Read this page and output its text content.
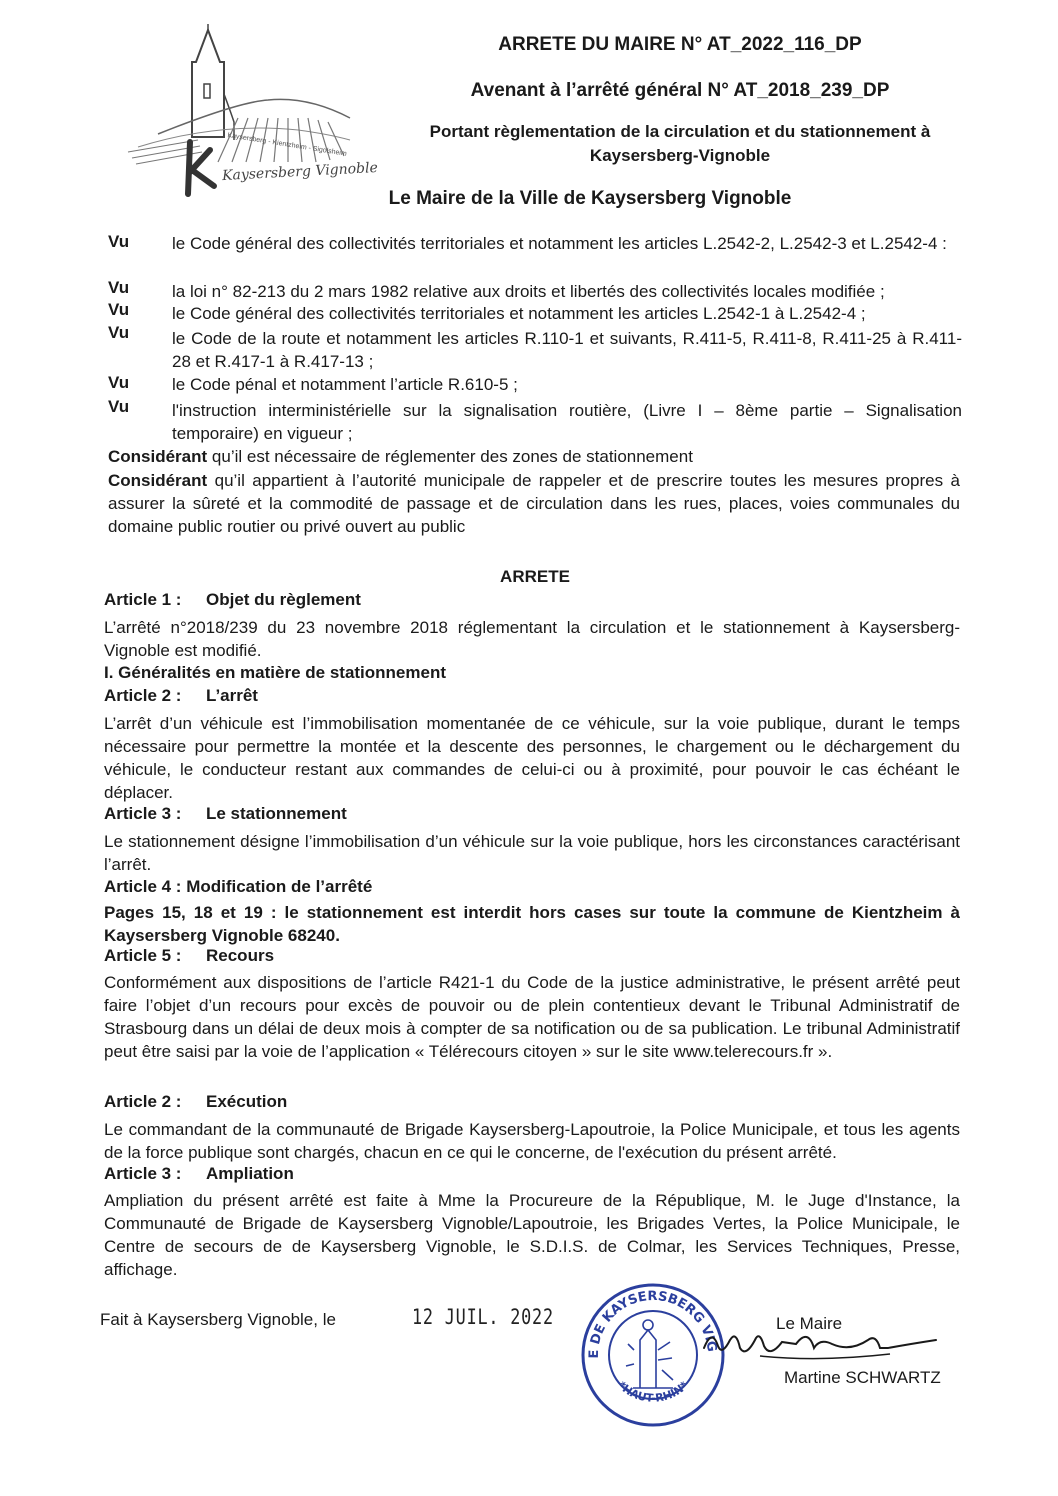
Kaysersberg - Kientzheim - Sigolsheim
Kaysersberg Vignoble
ARRETE DU MAIRE N° AT_2022_116_DP
Avenant à l’arrêté général N° AT_2018_239_DP
Portant règlementation de la circulation et du stationnement à
Kaysersberg-Vignoble
Le Maire de la Ville de Kaysersberg Vignoble
Vu	le Code général des collectivités territoriales et notamment les articles L.2542-2, L.2542-3 et L.2542-4 :
Vu	la loi n° 82-213 du 2 mars 1982 relative aux droits et libertés des collectivités locales modifiée ;
Vu	le Code général des collectivités territoriales et notamment les articles L.2542-1 à L.2542-4 ;
Vu	le Code de la route et notamment les articles R.110-1 et suivants, R.411-5, R.411-8, R.411-25 à R.411-28 et R.417-1 à R.417-13 ;
Vu	le Code pénal et notamment l’article R.610-5 ;
Vu	l'instruction interministérielle sur la signalisation routière, (Livre I – 8ème partie – Signalisation temporaire) en vigueur ;
Considérant qu’il est nécessaire de réglementer des zones de stationnement
Considérant qu’il appartient à l’autorité municipale de rappeler et de prescrire toutes les mesures propres à assurer la sûreté et la commodité de passage et de circulation dans les rues, places, voies communales du domaine public routier ou privé ouvert au public
ARRETE
Article 1 : Objet du règlement
L’arrêté n°2018/239 du 23 novembre 2018 réglementant la circulation et le stationnement à Kaysersberg-Vignoble est modifié.
I. Généralités en matière de stationnement
Article 2 : L’arrêt
L’arrêt d’un véhicule est l’immobilisation momentanée de ce véhicule, sur la voie publique, durant le temps nécessaire pour permettre la montée et la descente des personnes, le chargement ou le déchargement du véhicule, le conducteur restant aux commandes de celui-ci ou à proximité, pour pouvoir le cas échéant le déplacer.
Article 3 : Le stationnement
Le stationnement désigne l’immobilisation d’un véhicule sur la voie publique, hors les circonstances caractérisant l’arrêt.
Article 4 : Modification de l’arrêté
Pages 15, 18 et 19 : le stationnement est interdit hors cases sur toute la commune de Kientzheim à Kaysersberg Vignoble 68240.
Article 5 : Recours
Conformément aux dispositions de l’article R421-1 du Code de la justice administrative, le présent arrêté peut faire l’objet d’un recours pour excès de pouvoir ou de plein contentieux devant le Tribunal Administratif de Strasbourg dans un délai de deux mois à compter de sa notification ou de sa publication. Le tribunal Administratif peut être saisi par la voie de l’application « Télérecours citoyen » sur le site www.telerecours.fr ».
Article 2 : Exécution
Le commandant de la communauté de Brigade Kaysersberg-Lapoutroie, la Police Municipale, et tous les agents de la force publique sont chargés, chacun en ce qui le concerne, de l'exécution du présent arrêté.
Article 3 : Ampliation
Ampliation du présent arrêté est faite à Mme la Procureure de la République, M. le Juge d'Instance, la Communauté de Brigade de Kaysersberg Vignoble/Lapoutroie, les Brigades Vertes, la Police Municipale, le Centre de secours de de Kaysersberg Vignoble, le S.D.I.S. de Colmar, les Services Techniques, Presse, affichage.
Fait à Kaysersberg Vignoble, le	12 JUIL. 2022
E DE KAYSERSBERG VIG
*HAUT-RHIN*
Le Maire
Martine SCHWARTZ
